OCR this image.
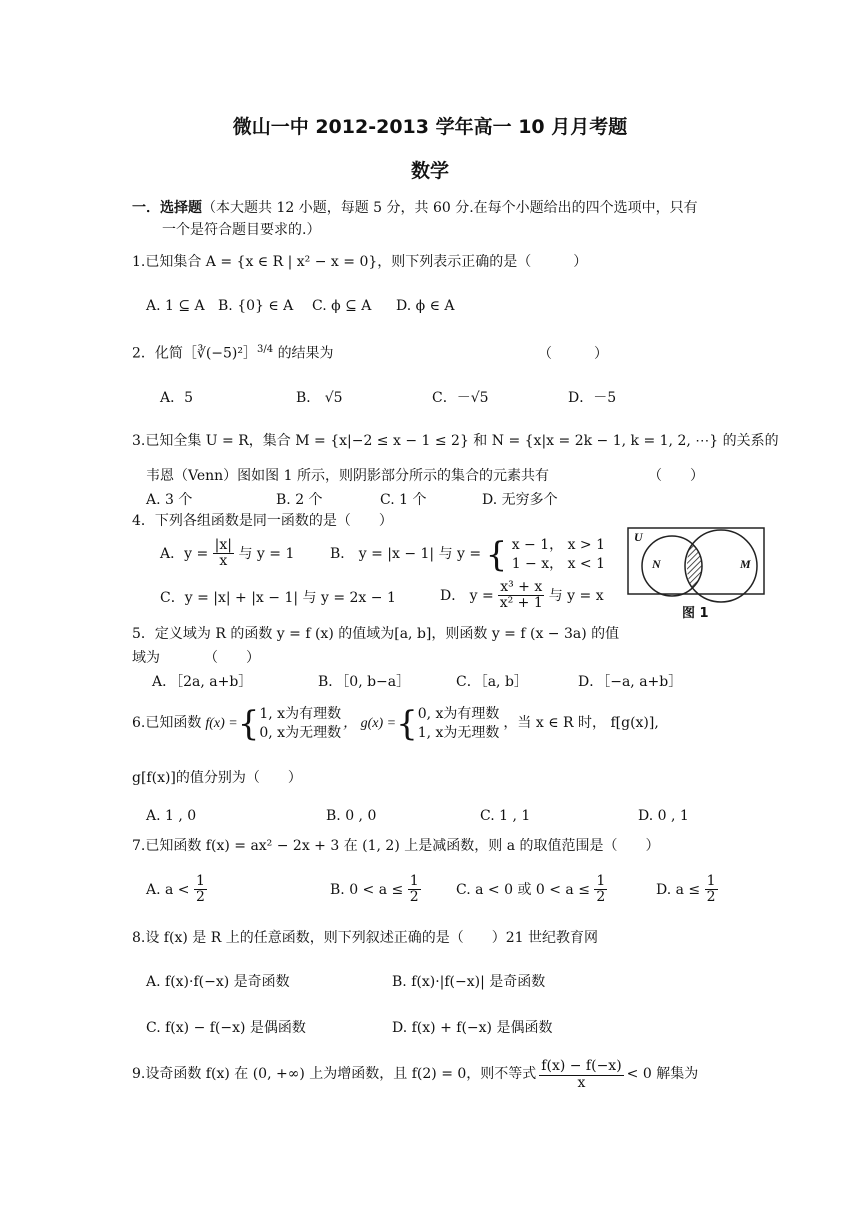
微山一中 2012-2013 学年高一 10 月月考题
数学
一．选择题（本大题共 12 小题，每题 5 分，共 60 分.在每个小题给出的四个选项中，只有
一个是符合题目要求的.）
1.已知集合 A = {x ∈ R | x² − x = 0}，则下列表示正确的是（　　　）
A. 1 ⊆ A B. {0} ∈ A C. ϕ ⊆ A D. ϕ ∈ A
2．化简［∛(−5)²］$^{3/4}$ 的结果为	（　　　）
A．5	B． √5	C．－√5	D．－5
3.已知全集 U = R，集合 M = {x|−2 ≤ x − 1 ≤ 2} 和 N = {x|x = 2k − 1, k = 1, 2, ⋯} 的关系的
韦恩（Venn）图如图 1 所示，则阴影部分所示的集合的元素共有	（　　）
A. 3 个	B. 2 个	C. 1 个	D. 无穷多个
4．下列各组函数是同一函数的是（　　）
A．$y = \frac{|x|}{x}$ 与 y = 1	B． y = |x − 1| 与 y = { x − 1， x > 1
1 − x， x < 1
C．y = |x| + |x − 1| 与 y = 2x − 1	D． $y = \frac{\text{x³ + x}}{\text{x² + 1}}$ 与 y = x
U
N	M
图 1
5．定义域为 R 的函数 y = f (x) 的值域为[a, b]，则函数 y = f (x − 3a) 的值
域为	（　　）
A．［2a, a+b］	B．［0, b−a］	C．［a, b］	D．［−a, a+b］
6.已知函数 f(x) = { 1, x为有理数
0, x为无理数
， g(x) = { 0, x为有理数
1, x为无理数
，当 x ∈ R 时， f[g(x)],
g[f(x)]的值分别为（　　）
A. 1 , 0	B. 0 , 0	C. 1 , 1	D. 0 , 1
7.已知函数 f(x) = ax² − 2x + 3 在 (1, 2) 上是减函数，则 a 的取值范围是（　　）
A. $a < \frac{1}{2}$	B. $0 < a \le \frac{1}{2}$	C. a < 0 或 $0 < a \le \frac{1}{2}$	D. $a \le \frac{1}{2}$
8.设 f(x) 是 R 上的任意函数，则下列叙述正确的是（　　）21 世纪教育网
A. f(x)·f(−x) 是奇函数	B. f(x)·|f(−x)| 是奇函数
C. f(x) − f(−x) 是偶函数	D. f(x) + f(−x) 是偶函数
9.设奇函数 f(x) 在 (0, +∞) 上为增函数，且 f(2) = 0，则不等式 $\frac{f(x) - f(-x)}{x} < 0$ 解集为
